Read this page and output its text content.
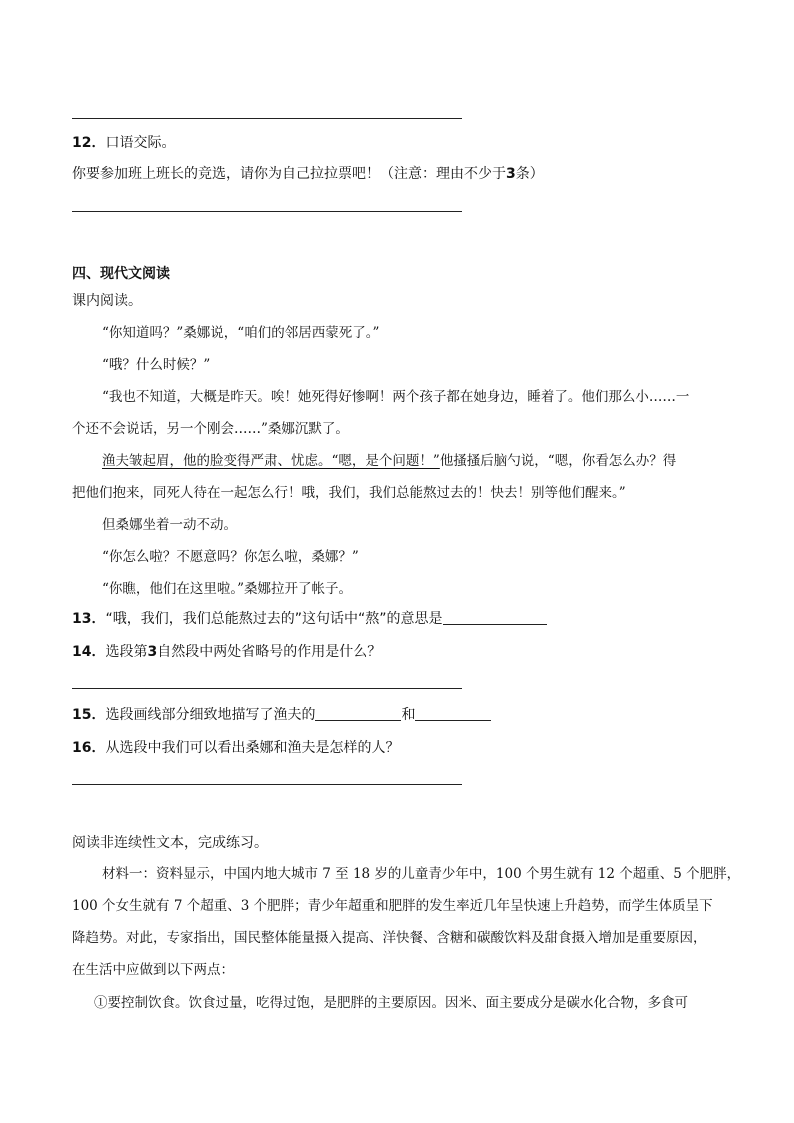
12．口语交际。
你要参加班上班长的竞选，请你为自己拉拉票吧！（注意：理由不少于3条）
四、现代文阅读
课内阅读。
“你知道吗？”桑娜说，“咱们的邻居西蒙死了。”
“哦？什么时候？”
“我也不知道，大概是昨天。唉！她死得好惨啊！两个孩子都在她身边，睡着了。他们那么小……一
个还不会说话，另一个刚会……”桑娜沉默了。
渔夫皱起眉，他的脸变得严肃、忧虑。“嗯，是个问题！”他搔搔后脑勺说，“嗯，你看怎么办？得
把他们抱来，同死人待在一起怎么行！哦，我们，我们总能熬过去的！快去！别等他们醒来。”
但桑娜坐着一动不动。
“你怎么啦？不愿意吗？你怎么啦，桑娜？”
“你瞧，他们在这里啦。”桑娜拉开了帐子。
13．“哦，我们，我们总能熬过去的”这句话中“熬”的意思是
14．选段第3自然段中两处省略号的作用是什么？
15．选段画线部分细致地描写了渔夫的	和
16．从选段中我们可以看出桑娜和渔夫是怎样的人？
阅读非连续性文本，完成练习。
材料一：资料显示，中国内地大城市 7 至 18 岁的儿童青少年中，100 个男生就有 12 个超重、5 个肥胖，
100 个女生就有 7 个超重、3 个肥胖；青少年超重和肥胖的发生率近几年呈快速上升趋势，而学生体质呈下
降趋势。对此，专家指出，国民整体能量摄入提高、洋快餐、含糖和碳酸饮料及甜食摄入增加是重要原因，
在生活中应做到以下两点：
①要控制饮食。饮食过量，吃得过饱，是肥胖的主要原因。因米、面主要成分是碳水化合物，多食可
